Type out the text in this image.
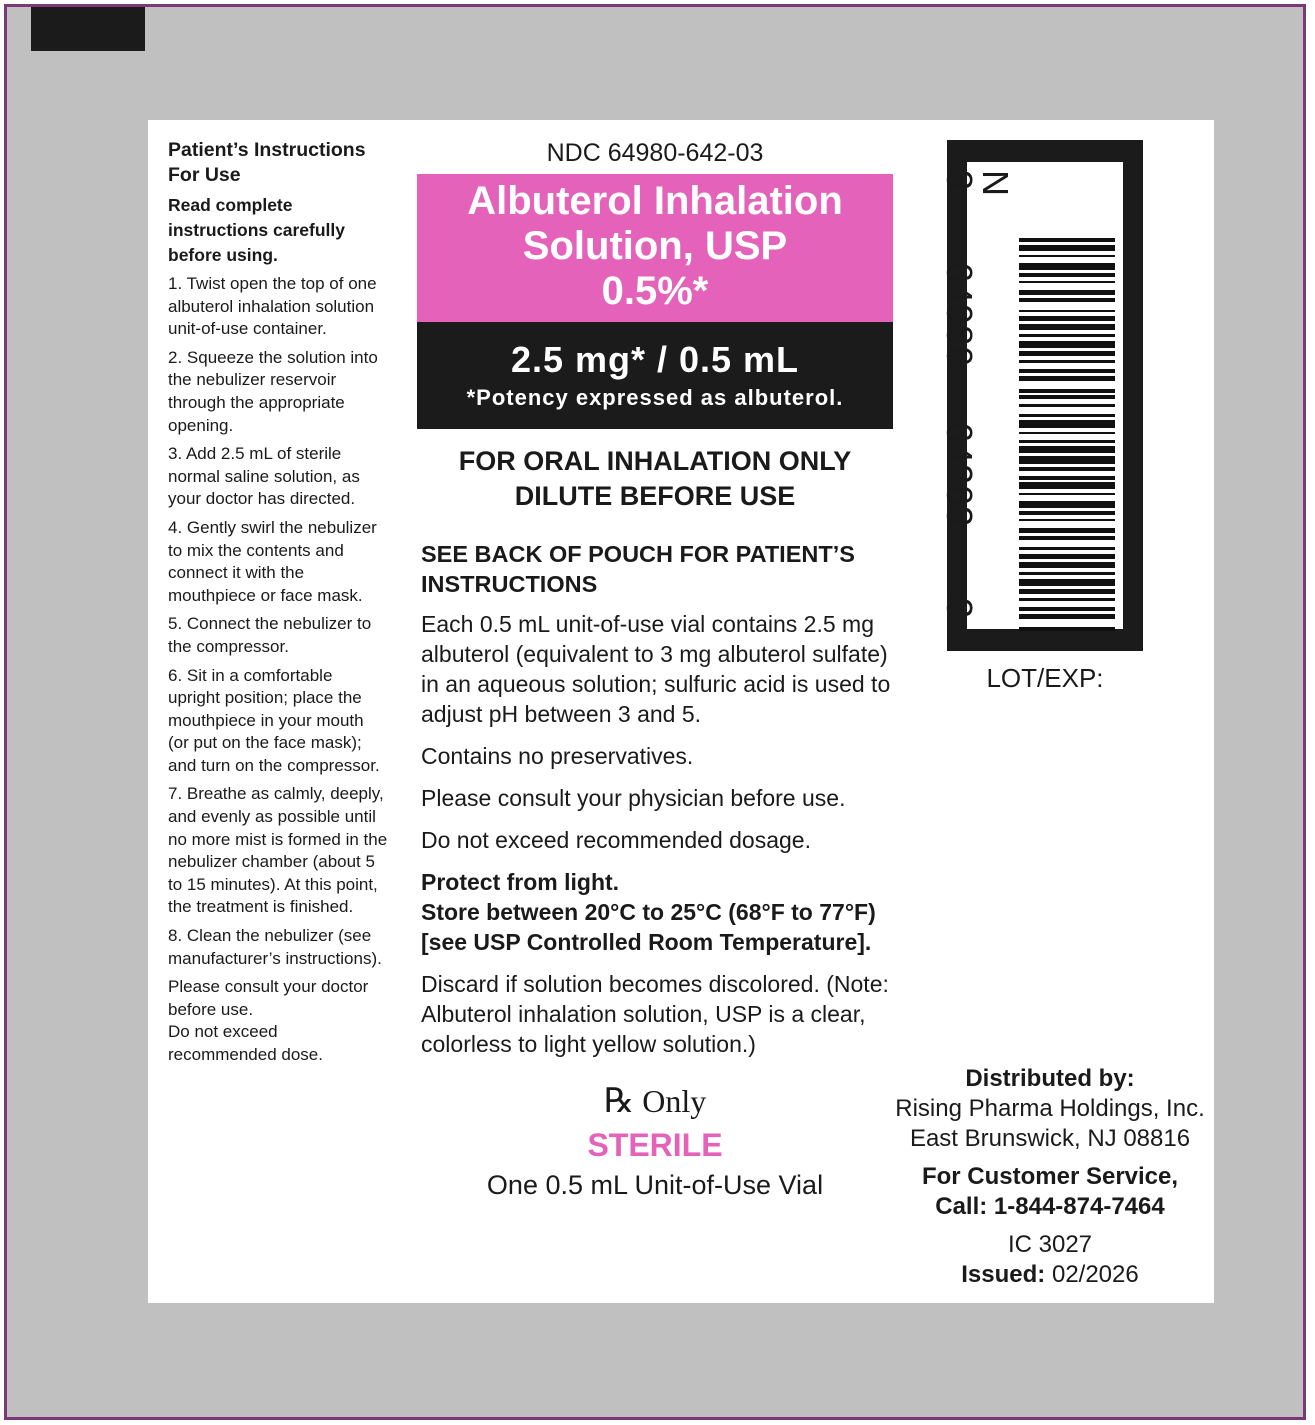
Patient’s Instructions For Use
Read complete instructions carefully before using.
1. Twist open the top of one albuterol inhalation solution unit-of-use container.
2. Squeeze the solution into the nebulizer reservoir through the appropriate opening.
3. Add 2.5 mL of sterile normal saline solution, as your doctor has directed.
4. Gently swirl the nebulizer to mix the contents and connect it with the mouthpiece or face mask.
5. Connect the nebulizer to the compressor.
6. Sit in a comfortable upright position; place the mouthpiece in your mouth (or put on the face mask); and turn on the compressor.
7. Breathe as calmly, deeply, and evenly as possible until no more mist is formed in the nebulizer chamber (about 5 to 15 minutes). At this point, the treatment is finished.
8. Clean the nebulizer (see manufacturer’s instructions).
Please consult your doctor before use.
Do not exceed recommended dose.
NDC 64980-642-03
Albuterol Inhalation
Solution, USP
0.5%*
2.5 mg* / 0.5 mL
*Potency expressed as albuterol.
FOR ORAL INHALATION ONLY
DILUTE BEFORE USE
SEE BACK OF POUCH FOR PATIENT’S INSTRUCTIONS

Each 0.5 mL unit-of-use vial contains 2.5 mg albuterol (equivalent to 3 mg albuterol sulfate) in an aqueous solution; sulfuric acid is used to adjust pH between 3 and 5.

Contains no preservatives.

Please consult your physician before use.

Do not exceed recommended dosage.

Protect from light.
Store between 20°C to 25°C (68°F to 77°F) [see USP Controlled Room Temperature].

Discard if solution becomes discolored. (Note: Albuterol inhalation solution, USP is a clear, colorless to light yellow solution.)

℞ Only
STERILE
One 0.5 mL Unit-of-Use Vial
N
3
64980
64203
3
LOT/EXP:
Distributed by:
Rising Pharma Holdings, Inc.
East Brunswick, NJ 08816
For Customer Service,
Call: 1-844-874-7464
IC 3027
Issued: 02/2026
